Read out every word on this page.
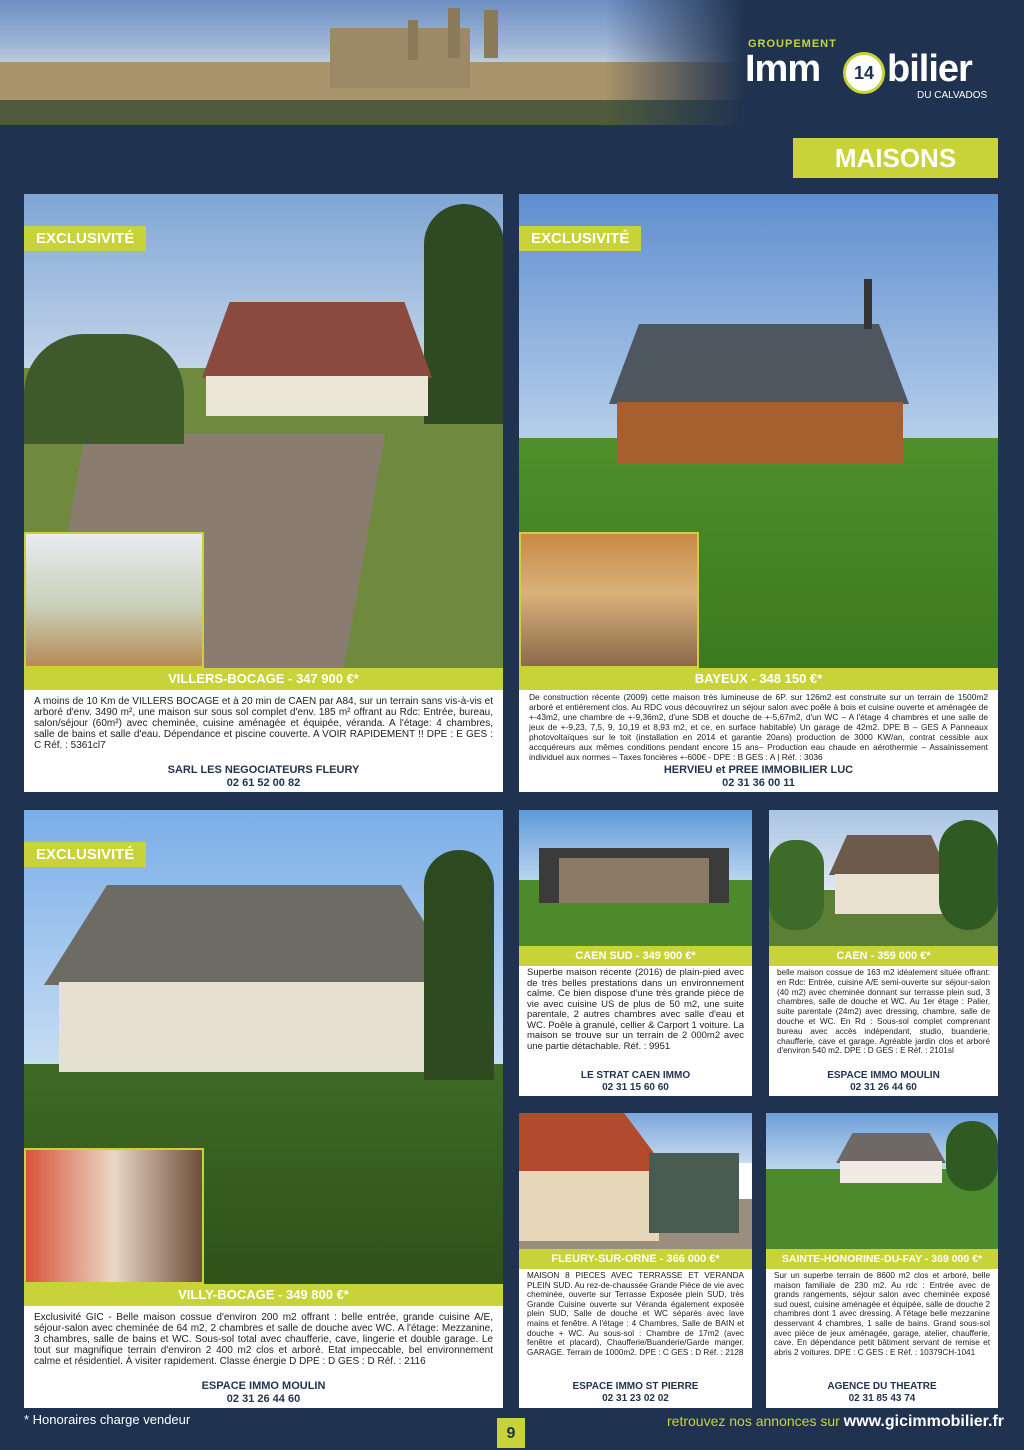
GROUPEMENT
Imm	14 bilier
DU CALVADOS
MAISONS
EXCLUSIVITÉ
VILLERS-BOCAGE - 347 900 €*
A moins de 10 Km de VILLERS BOCAGE et à 20 min de CAEN par A84, sur un terrain sans vis-à-vis et arboré d'env. 3490 m², une maison sur sous sol complet d'env. 185 m² offrant au Rdc: Entrée, bureau, salon/séjour (60m²) avec cheminée, cuisine aménagée et équipée, véranda. A l'étage: 4 chambres, salle de bains et salle d'eau. Dépendance et piscine couverte. A VOIR RAPIDEMENT !! DPE : E GES : C Réf. : 5361cl7
SARL LES NEGOCIATEURS FLEURY
02 61 52 00 82
EXCLUSIVITÉ
BAYEUX - 348 150 €*
De construction récente (2009) cette maison très lumineuse de 6P. sur 126m2 est construite sur un terrain de 1500m2 arboré et entièrement clos. Au RDC vous découvrirez un séjour salon avec poêle à bois et cuisine ouverte et aménagée de +-43m2, une chambre de +-9,36m2, d'une SDB et douche de +-5,67m2, d'un WC – A l'étage 4 chambres et une salle de jeux de +-9,23, 7,5, 9, 10,19 et 8,93 m2, et ce, en surface habitable) Un garage de 42m2. DPE B – GES A Panneaux photovoltaïques sur le toit (installation en 2014 et garantie 20ans) production de 3000 KW/an, contrat cessible aux accquéreurs aux mêmes conditions pendant encore 15 ans– Production eau chaude en aérothermie – Assainissement individuel aux normes – Taxes foncières +-600€ - DPE : B GES : A | Réf. : 3036
HERVIEU et PREE IMMOBILIER LUC
02 31 36 00 11
EXCLUSIVITÉ
VILLY-BOCAGE - 349 800 €*
Exclusivité GIC - Belle maison cossue d'environ 200 m2 offrant : belle entrée, grande cuisine A/E, séjour-salon avec cheminée de 64 m2, 2 chambres et salle de douche avec WC. A l'étage: Mezzanine, 3 chambres, salle de bains et WC. Sous-sol total avec chaufferie, cave, lingerie et double garage. Le tout sur magnifique terrain d'environ 2 400 m2 clos et arboré. Etat impeccable, bel environnement calme et résidentiel. À visiter rapidement. Classe énergie D DPE : D GES : D Réf. : 2116
ESPACE IMMO MOULIN
02 31 26 44 60
CAEN SUD - 349 900 €*
Superbe maison récente (2016) de plain-pied avec de très belles prestations dans un environnement calme. Ce bien dispose d'une très grande pièce de vie avec cuisine US de plus de 50 m2, une suite parentale, 2 autres chambres avec salle d'eau et WC. Poêle à granulé, cellier & Carport 1 voiture. La maison se trouve sur un terrain de 2 000m2 avec une partie détachable. Réf. : 9951
LE STRAT CAEN IMMO
02 31 15 60 60
CAEN - 359 000 €*
belle maison cossue de 163 m2 idéalement située offrant: en Rdc: Entrée, cuisine A/E semi-ouverte sur séjour-salon (40 m2) avec cheminée donnant sur terrasse plein sud, 3 chambres, salle de douche et WC. Au 1er étage : Palier, suite parentale (24m2) avec dressing, chambre, salle de douche et WC. En Rd : Sous-sol complet comprenant bureau avec accès indépendant, studio, buanderie, chaufferie, cave et garage. Agréable jardin clos et arboré d'environ 540 m2. DPE : D GES : E Réf. : 2101sl
ESPACE IMMO MOULIN
02 31 26 44 60
FLEURY-SUR-ORNE - 366 000 €*
MAISON 8 PIECES AVEC TERRASSE ET VERANDA PLEIN SUD. Au rez-de-chaussée Grande Pièce de vie avec cheminée, ouverte sur Terrasse Exposée plein SUD, très Grande Cuisine ouverte sur Véranda également exposée plein SUD, Salle de douche et WC séparés avec lave mains et fenêtre. A l'étage : 4 Chambres, Salle de BAIN et douche + WC. Au sous-sol : Chambre de 17m2 (avec fenêtre et placard), Chaufferie/Buanderie/Garde manger. GARAGE. Terrain de 1000m2. DPE : C GES : D Réf. : 2128
ESPACE IMMO ST PIERRE
02 31 23 02 02
SAINTE-HONORINE-DU-FAY - 369 000 €*
Sur un superbe terrain de 8600 m2 clos et arboré, belle maison familiale de 230 m2. Au rdc : Entrée avec de grands rangements, séjour salon avec cheminée exposé sud ouest, cuisine aménagée et équipée, salle de douche 2 chambres dont 1 avec dressing. A l'étage belle mezzanine desservant 4 chambres, 1 salle de bains. Grand sous-sol avec pièce de jeux aménagée, garage, atelier, chaufferie, cave. En dépendance petit bâtiment servant de remise et abris 2 voitures. DPE : C GES : E Réf. : 10379CH-1041
AGENCE DU THEATRE
02 31 85 43 74
* Honoraires charge vendeur
9
retrouvez nos annonces sur www.gicimmobilier.fr
